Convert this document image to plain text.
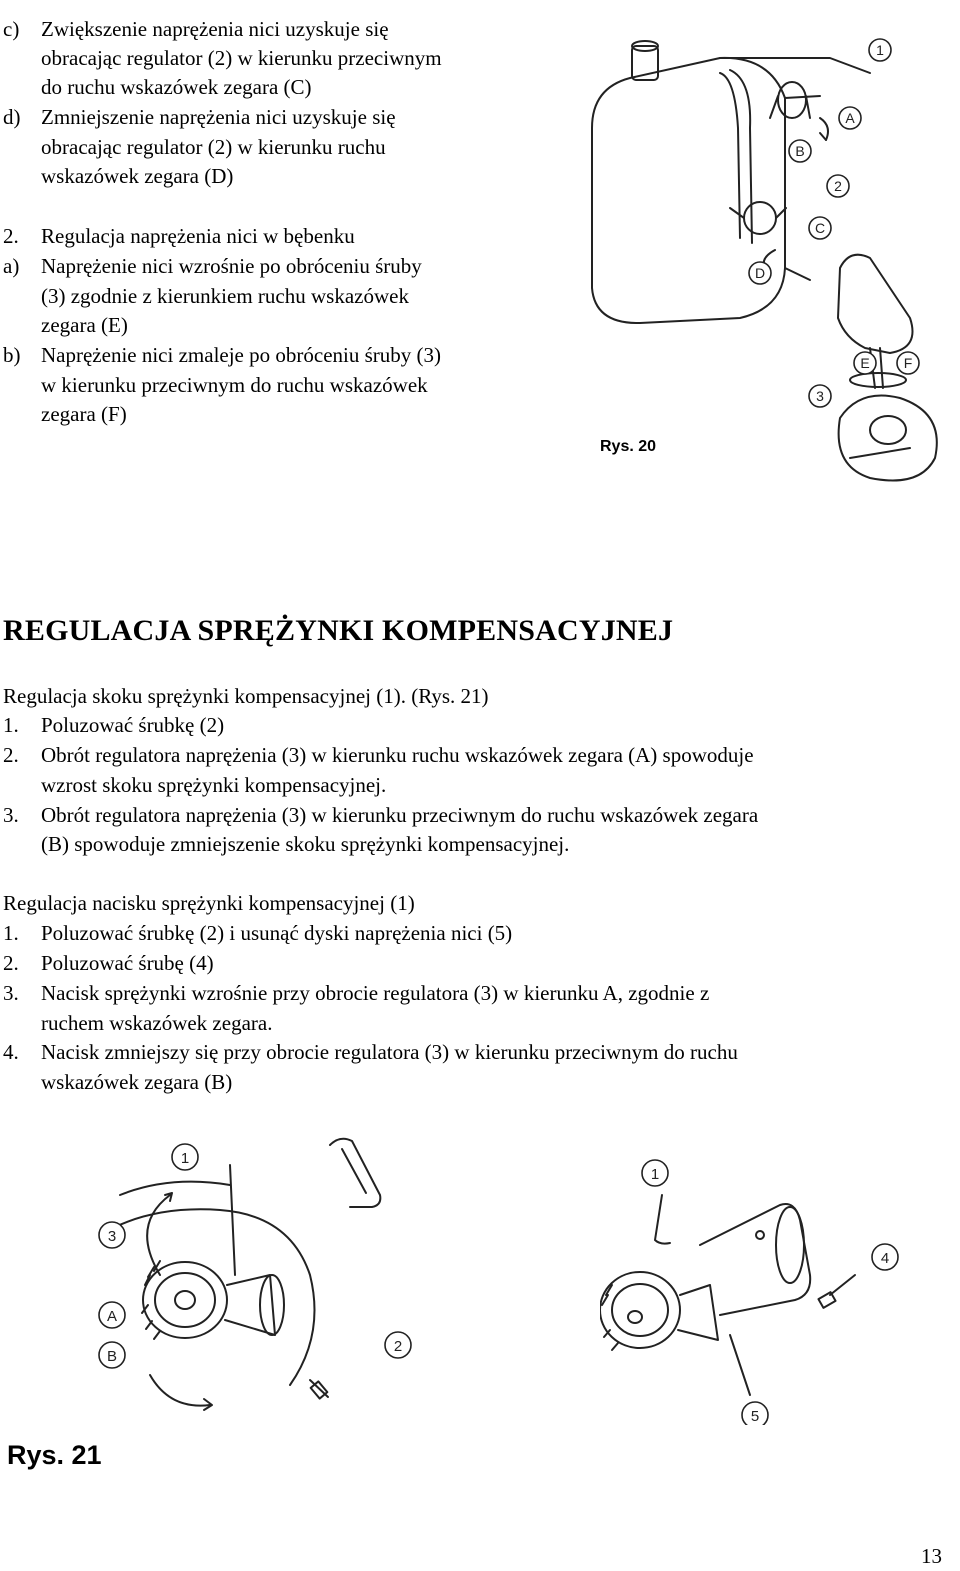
c) Zwiększenie naprężenia nici uzyskuje się
obracając regulator (2) w kierunku przeciwnym
do ruchu wskazówek zegara (C)
d) Zmniejszenie naprężenia nici uzyskuje się
obracając regulator (2) w kierunku ruchu
wskazówek zegara (D)
2. Regulacja naprężenia nici w bębenku
a) Naprężenie nici wzrośnie po obróceniu śruby
(3) zgodnie z kierunkiem ruchu wskazówek
zegara (E)
b) Naprężenie nici zmaleje po obróceniu śruby (3)
w kierunku przeciwnym do ruchu wskazówek
zegara (F)
1
A
B
2
C
D
E F
3
Rys. 20
REGULACJA SPRĘŻYNKI KOMPENSACYJNEJ
Regulacja skoku sprężynki kompensacyjnej (1). (Rys. 21)
1. Poluzować śrubkę (2)
2. Obrót regulatora naprężenia (3) w kierunku ruchu wskazówek zegara (A) spowoduje
wzrost skoku sprężynki kompensacyjnej.
3. Obrót regulatora naprężenia (3) w kierunku przeciwnym do ruchu wskazówek zegara
(B) spowoduje zmniejszenie skoku sprężynki kompensacyjnej.
Regulacja nacisku sprężynki kompensacyjnej (1)
1. Poluzować śrubkę (2) i usunąć dyski naprężenia nici (5)
2. Poluzować śrubę (4)
3. Nacisk sprężynki wzrośnie przy obrocie regulatora (3) w kierunku A, zgodnie z
ruchem wskazówek zegara.
4. Nacisk zmniejszy się przy obrocie regulatora (3) w kierunku przeciwnym do ruchu
wskazówek zegara (B)
1
3
A
B
2
1
4
5
Rys. 21
13
